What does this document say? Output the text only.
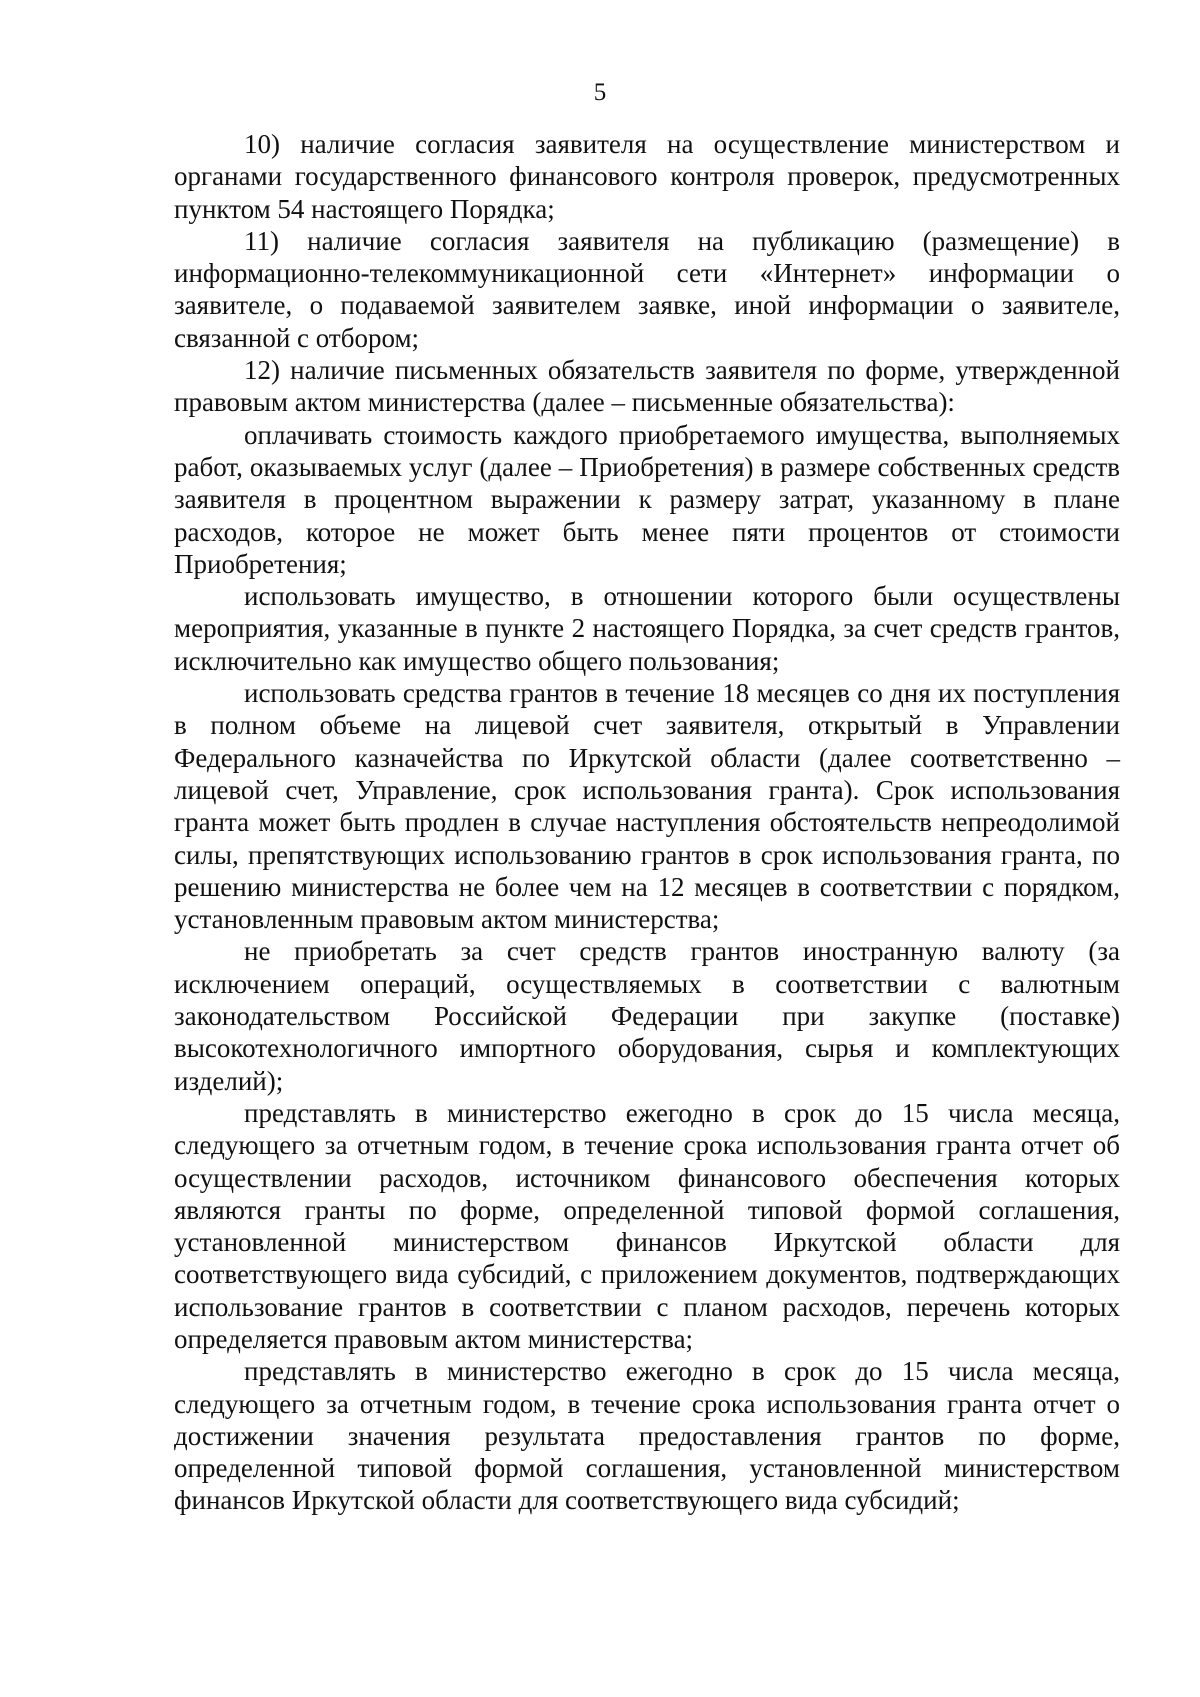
5

10) наличие согласия заявителя на осуществление министерством и органами государственного финансового контроля проверок, предусмотренных пунктом 54 настоящего Порядка;

11) наличие согласия заявителя на публикацию (размещение) в информационно-телекоммуникационной сети «Интернет» информации о заявителе, о подаваемой заявителем заявке, иной информации о заявителе, связанной с отбором;

12) наличие письменных обязательств заявителя по форме, утвержденной правовым актом министерства (далее – письменные обязательства):

оплачивать стоимость каждого приобретаемого имущества, выполняемых работ, оказываемых услуг (далее – Приобретения) в размере собственных средств заявителя в процентном выражении к размеру затрат, указанному в плане расходов, которое не может быть менее пяти процентов от стоимости Приобретения;

использовать имущество, в отношении которого были осуществлены мероприятия, указанные в пункте 2 настоящего Порядка, за счет средств грантов, исключительно как имущество общего пользования;

использовать средства грантов в течение 18 месяцев со дня их поступления в полном объеме на лицевой счет заявителя, открытый в Управлении Федерального казначейства по Иркутской области (далее соответственно – лицевой счет, Управление, срок использования гранта). Срок использования гранта может быть продлен в случае наступления обстоятельств непреодолимой силы, препятствующих использованию грантов в срок использования гранта, по решению министерства не более чем на 12 месяцев в соответствии с порядком, установленным правовым актом министерства;

не приобретать за счет средств грантов иностранную валюту (за исключением операций, осуществляемых в соответствии с валютным законодательством Российской Федерации при закупке (поставке) высокотехнологичного импортного оборудования, сырья и комплектующих изделий);

представлять в министерство ежегодно в срок до 15 числа месяца, следующего за отчетным годом, в течение срока использования гранта отчет об осуществлении расходов, источником финансового обеспечения которых являются гранты по форме, определенной типовой формой соглашения, установленной министерством финансов Иркутской области для соответствующего вида субсидий, с приложением документов, подтверждающих использование грантов в соответствии с планом расходов, перечень которых определяется правовым актом министерства;

представлять в министерство ежегодно в срок до 15 числа месяца, следующего за отчетным годом, в течение срока использования гранта отчет о достижении значения результата предоставления грантов по форме, определенной типовой формой соглашения, установленной министерством финансов Иркутской области для соответствующего вида субсидий;
